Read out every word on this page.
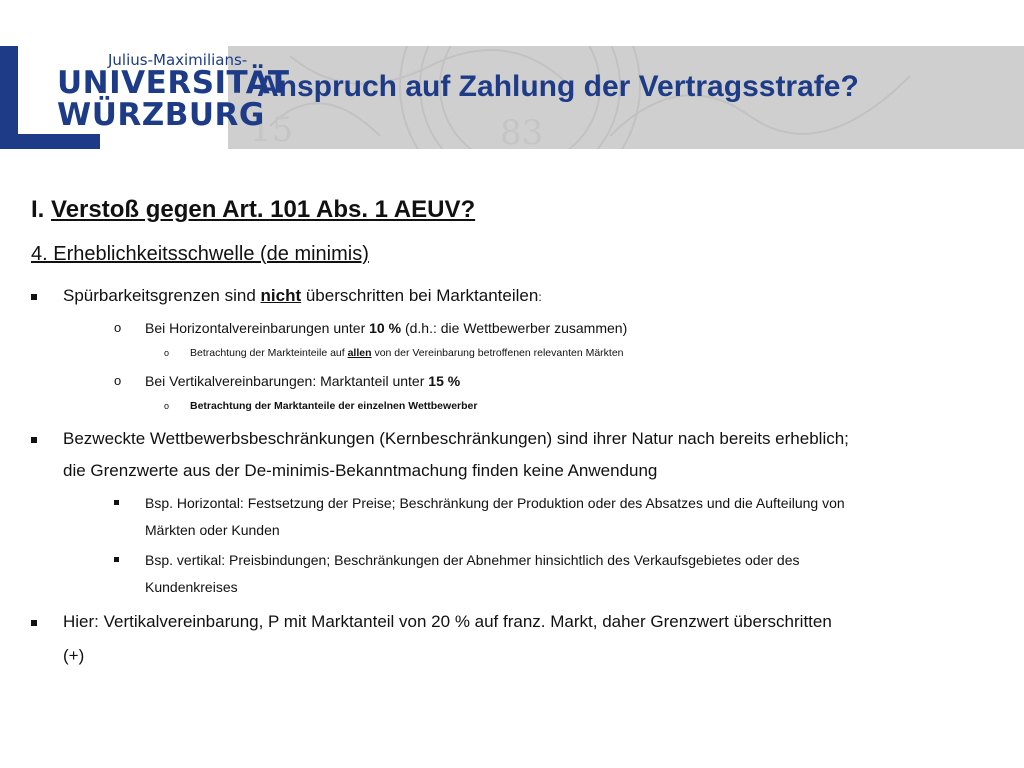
15	83
Julius-Maximilians-
UNIVERSITÄT
WÜRZBURG
Anspruch auf Zahlung der Vertragsstrafe?
I. Verstoß gegen Art. 101 Abs. 1 AEUV?
4. Erheblichkeitsschwelle (de minimis)
Spürbarkeitsgrenzen sind nicht überschritten bei Marktanteilen:
o Bei Horizontalvereinbarungen unter 10 % (d.h.: die Wettbewerber zusammen)
o Betrachtung der Markteinteile auf allen von der Vereinbarung betroffenen relevanten Märkten
o Bei Vertikalvereinbarungen: Marktanteil unter 15 %
o Betrachtung der Marktanteile der einzelnen Wettbewerber
Bezweckte Wettbewerbsbeschränkungen (Kernbeschränkungen) sind ihrer Natur nach bereits erheblich;
die Grenzwerte aus der De-minimis-Bekanntmachung finden keine Anwendung
Bsp. Horizontal: Festsetzung der Preise; Beschränkung der Produktion oder des Absatzes und die Aufteilung von
Märkten oder Kunden
Bsp. vertikal: Preisbindungen; Beschränkungen der Abnehmer hinsichtlich des Verkaufsgebietes oder des
Kundenkreises
Hier: Vertikalvereinbarung, P mit Marktanteil von 20 % auf franz. Markt, daher Grenzwert überschritten
(+)
